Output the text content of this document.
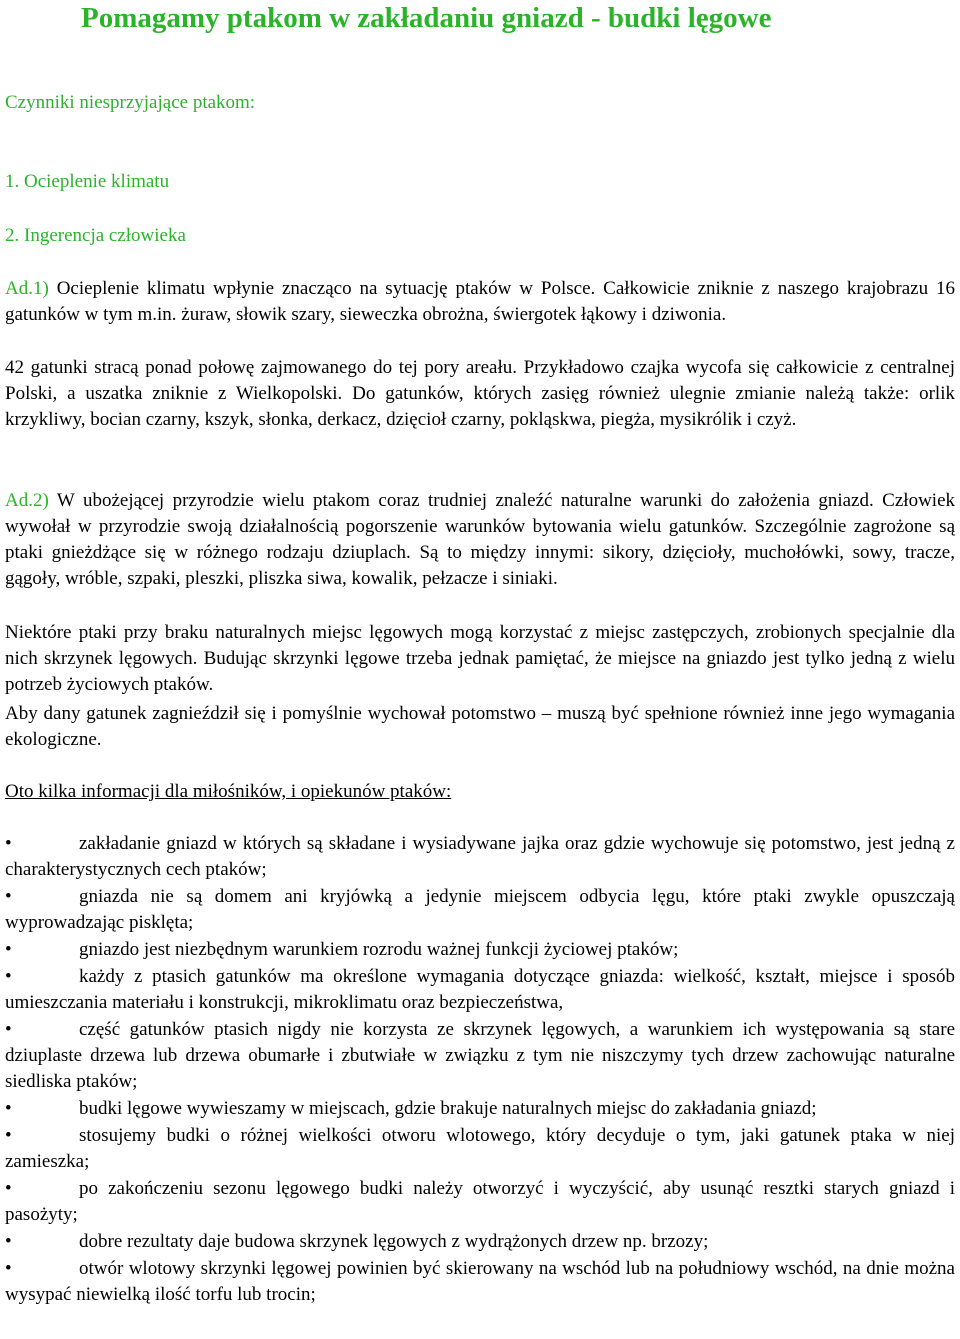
Pomagamy ptakom w zakładaniu gniazd - budki lęgowe

Czynniki niesprzyjające ptakom:

1. Ocieplenie klimatu

2. Ingerencja człowieka

Ad.1) Ocieplenie klimatu wpłynie znacząco na sytuację ptaków w Polsce. Całkowicie zniknie z naszego krajobrazu 16 gatunków w tym m.in. żuraw, słowik szary, sieweczka obrożna, świergotek łąkowy i dziwonia.

42 gatunki stracą ponad połowę zajmowanego do tej pory areału. Przykładowo czajka wycofa się całkowicie z centralnej Polski, a uszatka zniknie z Wielkopolski. Do gatunków, których zasięg również ulegnie zmianie należą także: orlik krzykliwy, bocian czarny, kszyk, słonka, derkacz, dzięcioł czarny, pokląskwa, piegża, mysikrólik i czyż.

Ad.2) W ubożejącej przyrodzie wielu ptakom coraz trudniej znaleźć naturalne warunki do założenia gniazd. Człowiek wywołał w przyrodzie swoją działalnością pogorszenie warunków bytowania wielu gatunków. Szczególnie zagrożone są ptaki gnieżdżące się w różnego rodzaju dziuplach. Są to między innymi: sikory, dzięcioły, muchołówki, sowy, tracze, gągoły, wróble, szpaki, pleszki, pliszka siwa, kowalik, pełzacze i siniaki.

Niektóre ptaki przy braku naturalnych miejsc lęgowych mogą korzystać z miejsc zastępczych, zrobionych specjalnie dla nich skrzynek lęgowych. Budując skrzynki lęgowe trzeba jednak pamiętać, że miejsce na gniazdo jest tylko jedną z wielu potrzeb życiowych ptaków.

Aby dany gatunek zagnieździł się i pomyślnie wychował potomstwo – muszą być spełnione również inne jego wymagania ekologiczne.

Oto kilka informacji dla miłośników, i opiekunów ptaków:

•	zakładanie gniazd w których są składane i wysiadywane jajka oraz gdzie wychowuje się potomstwo, jest jedną z charakterystycznych cech ptaków;
•	gniazda nie są domem ani kryjówką a jedynie miejscem odbycia lęgu, które ptaki zwykle opuszczają wyprowadzając pisklęta;
•	gniazdo jest niezbędnym warunkiem rozrodu ważnej funkcji życiowej ptaków;
•	każdy z ptasich gatunków ma określone wymagania dotyczące gniazda: wielkość, kształt, miejsce i sposób umieszczania materiału i konstrukcji, mikroklimatu oraz bezpieczeństwa,
•	część gatunków ptasich nigdy nie korzysta ze skrzynek lęgowych, a warunkiem ich występowania są stare dziuplaste drzewa lub drzewa obumarłe i zbutwiałe w związku z tym nie niszczymy tych drzew zachowując naturalne siedliska ptaków;
•	budki lęgowe wywieszamy w miejscach, gdzie brakuje naturalnych miejsc do zakładania gniazd;
•	stosujemy budki o różnej wielkości otworu wlotowego, który decyduje o tym, jaki gatunek ptaka w niej zamieszka;
•	po zakończeniu sezonu lęgowego budki należy otworzyć i wyczyścić, aby usunąć resztki starych gniazd i pasożyty;
•	dobre rezultaty daje budowa skrzynek lęgowych z wydrążonych drzew np. brzozy;
•	otwór wlotowy skrzynki lęgowej powinien być skierowany na wschód lub na południowy wschód, na dnie można wysypać niewielką ilość torfu lub trocin;
